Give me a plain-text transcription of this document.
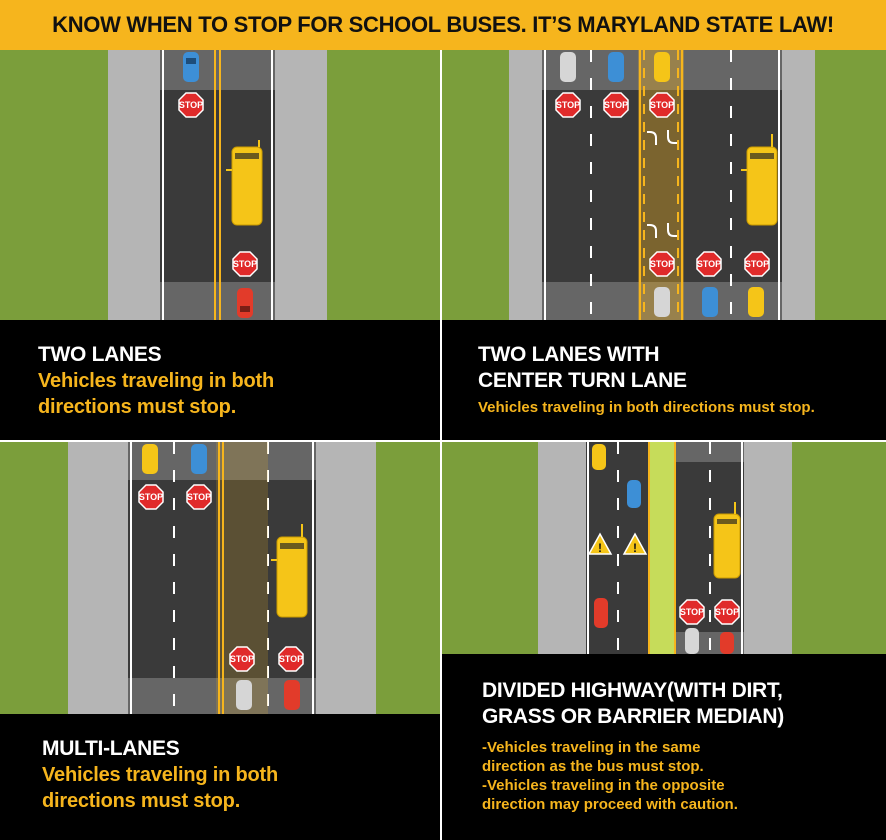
KNOW WHEN TO STOP FOR SCHOOL BUSES. IT’S MARYLAND STATE LAW!
STOP
STOP
TWO LANES
Vehicles traveling in both
directions must stop.
STOP	STOP STOP
STOP	STOP	STOP
TWO LANES WITH
CENTER TURN LANE
Vehicles traveling in both directions must stop.
STOP	STOP
STOP	STOP
MULTI-LANES
Vehicles traveling in both
directions must stop.
!	!
STOP STOP
DIVIDED HIGHWAY(WITH DIRT,
GRASS OR BARRIER MEDIAN)
-Vehicles traveling in the same
direction as the bus must stop.
-Vehicles traveling in the opposite
direction may proceed with caution.
